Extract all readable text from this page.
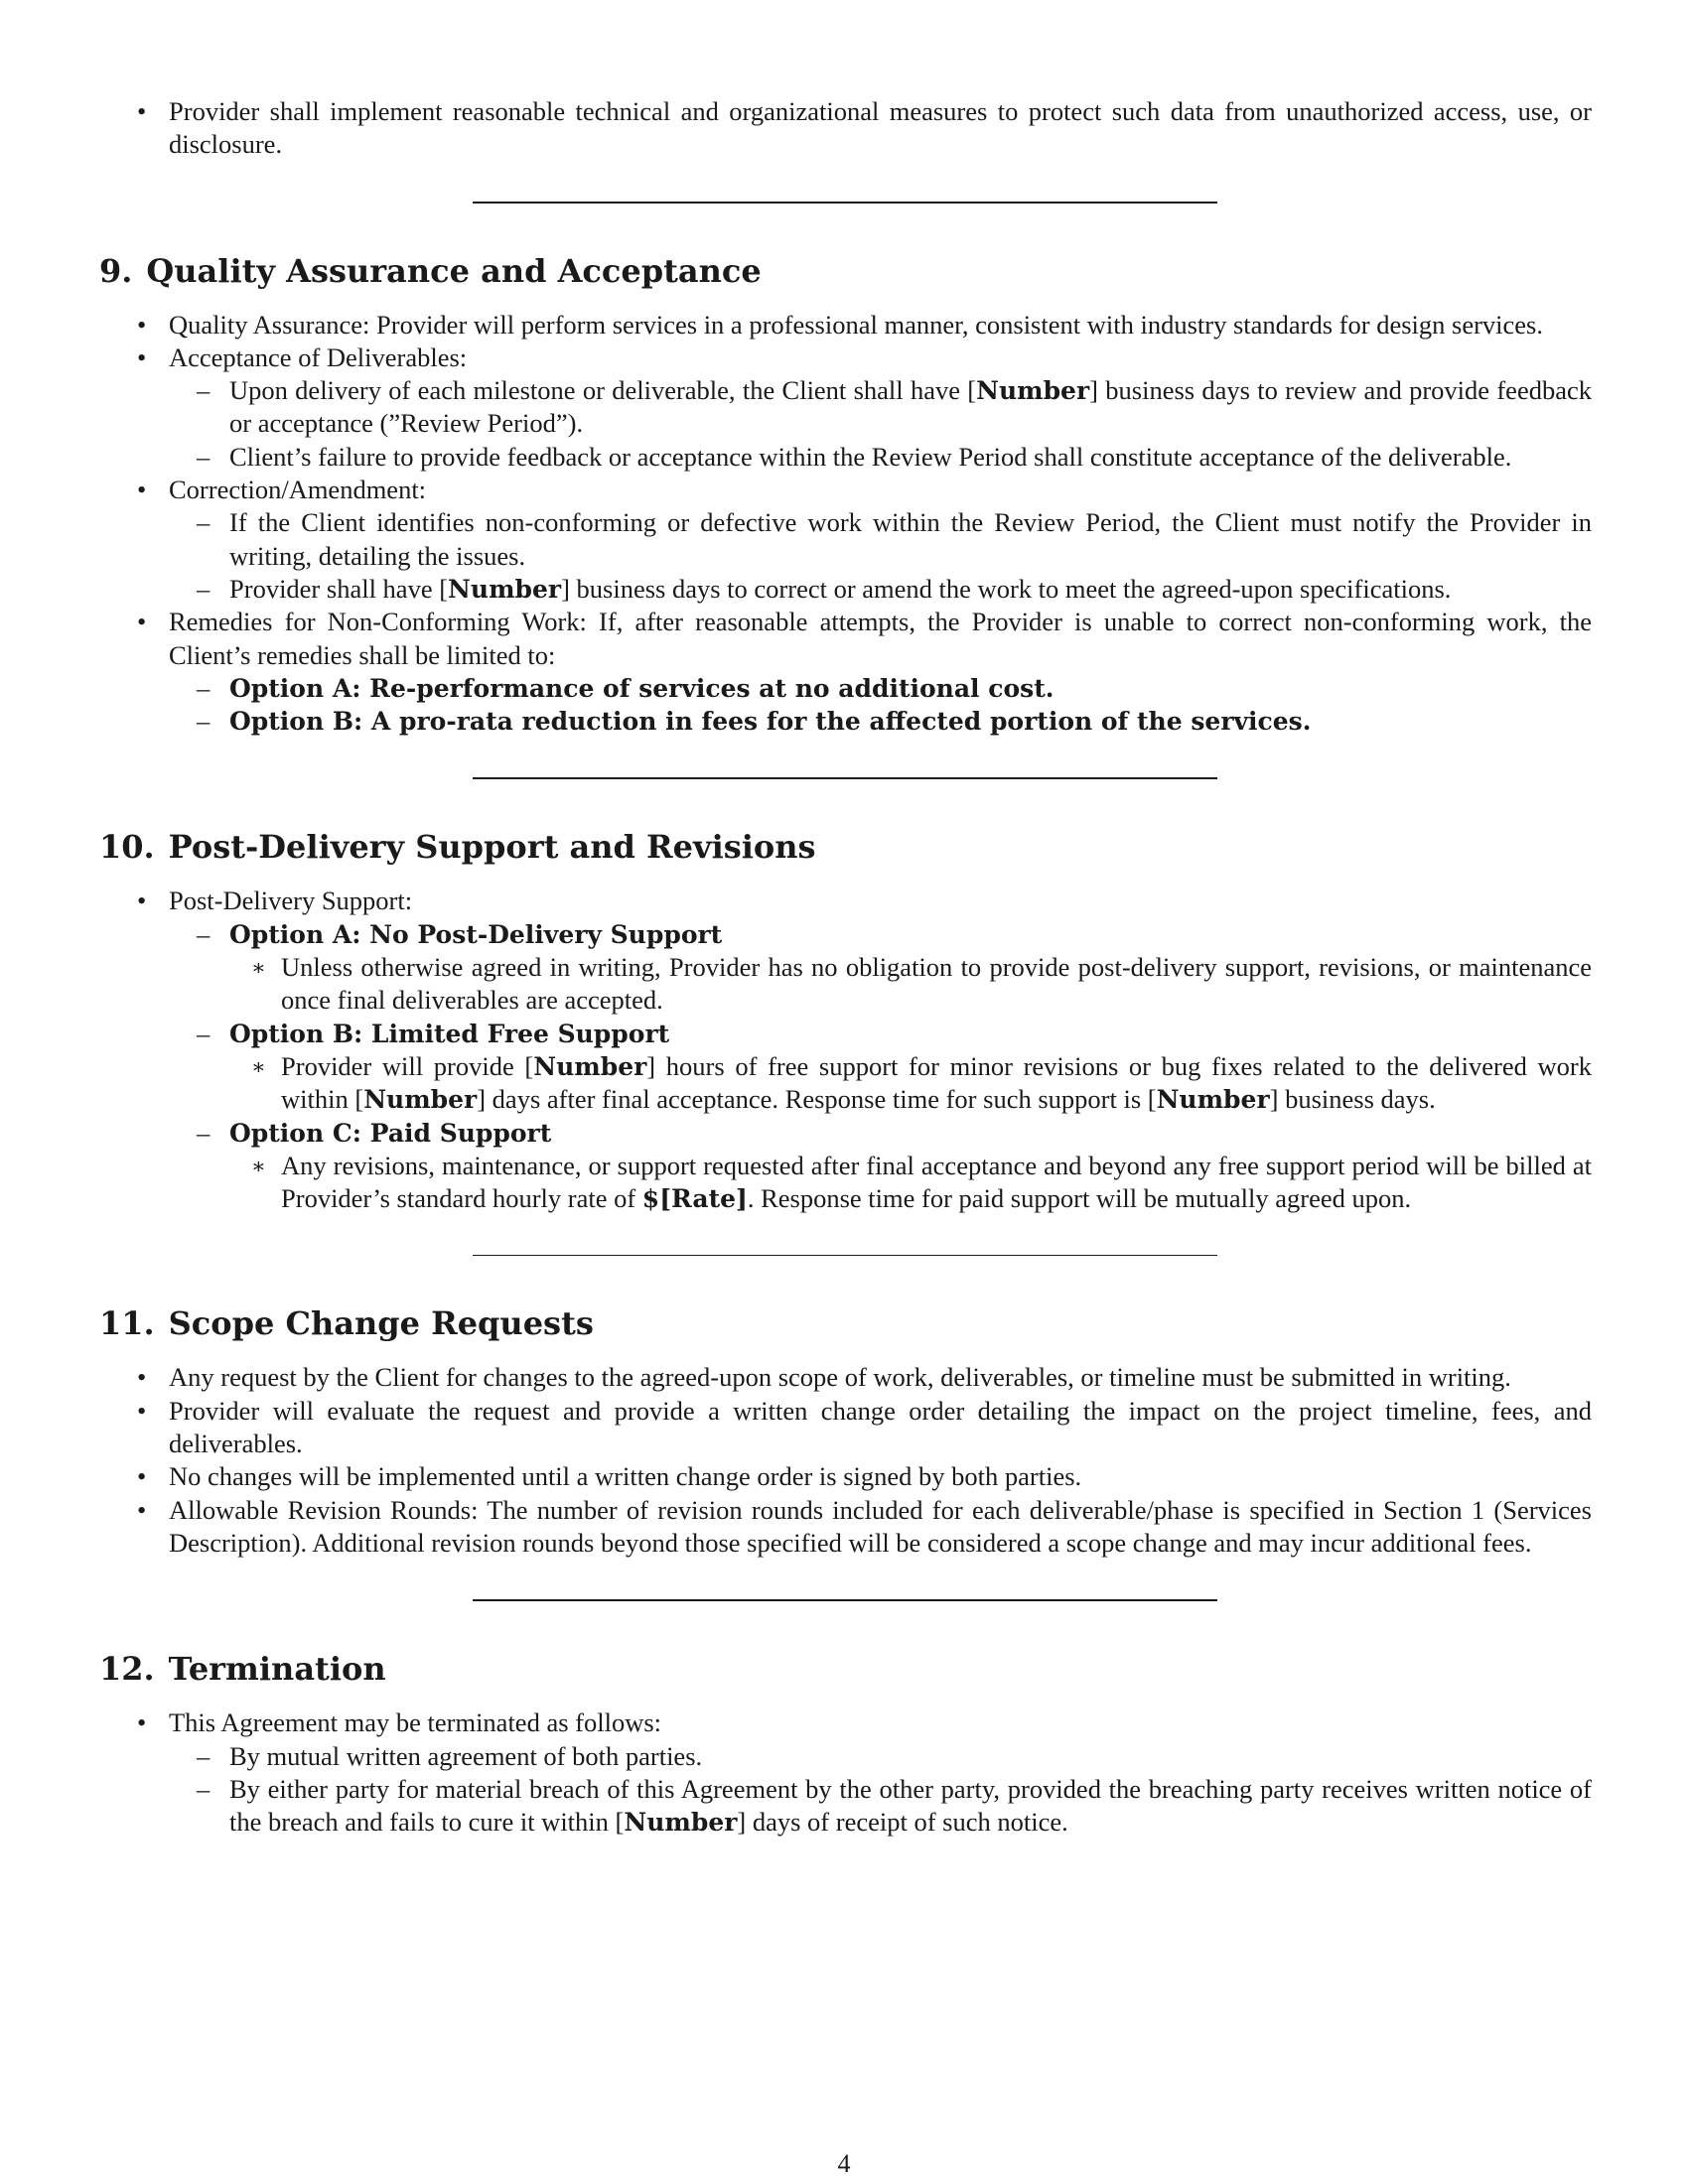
• Provider shall implement reasonable technical and organizational measures to protect such data from unauthorized access, use, or disclosure.
9. Quality Assurance and Acceptance
• Quality Assurance: Provider will perform services in a professional manner, consistent with industry standards for design services.
• Acceptance of Deliverables:
– Upon delivery of each milestone or deliverable, the Client shall have [Number] business days to review and provide feedback or acceptance (”Review Period”).
– Client’s failure to provide feedback or acceptance within the Review Period shall constitute acceptance of the deliverable.
• Correction/Amendment:
– If the Client identifies non-conforming or defective work within the Review Period, the Client must notify the Provider in writing, detailing the issues.
– Provider shall have [Number] business days to correct or amend the work to meet the agreed-upon specifications.
• Remedies for Non-Conforming Work: If, after reasonable attempts, the Provider is unable to correct non-conforming work, the Client’s remedies shall be limited to:
– Option A: Re-performance of services at no additional cost.
– Option B: A pro-rata reduction in fees for the affected portion of the services.
10. Post-Delivery Support and Revisions
• Post-Delivery Support:
– Option A: No Post-Delivery Support
∗ Unless otherwise agreed in writing, Provider has no obligation to provide post-delivery support, revisions, or maintenance once final deliverables are accepted.
– Option B: Limited Free Support
∗ Provider will provide [Number] hours of free support for minor revisions or bug fixes related to the delivered work within [Number] days after final acceptance. Response time for such support is [Number] business days.
– Option C: Paid Support
∗ Any revisions, maintenance, or support requested after final acceptance and beyond any free support period will be billed at Provider’s standard hourly rate of $[Rate]. Response time for paid support will be mutually agreed upon.
11. Scope Change Requests
• Any request by the Client for changes to the agreed-upon scope of work, deliverables, or timeline must be submitted in writing.
• Provider will evaluate the request and provide a written change order detailing the impact on the project timeline, fees, and deliverables.
• No changes will be implemented until a written change order is signed by both parties.
• Allowable Revision Rounds: The number of revision rounds included for each deliverable/phase is specified in Section 1 (Services Description). Additional revision rounds beyond those specified will be considered a scope change and may incur additional fees.
12. Termination
• This Agreement may be terminated as follows:
– By mutual written agreement of both parties.
– By either party for material breach of this Agreement by the other party, provided the breaching party receives written notice of the breach and fails to cure it within [Number] days of receipt of such notice.
4
